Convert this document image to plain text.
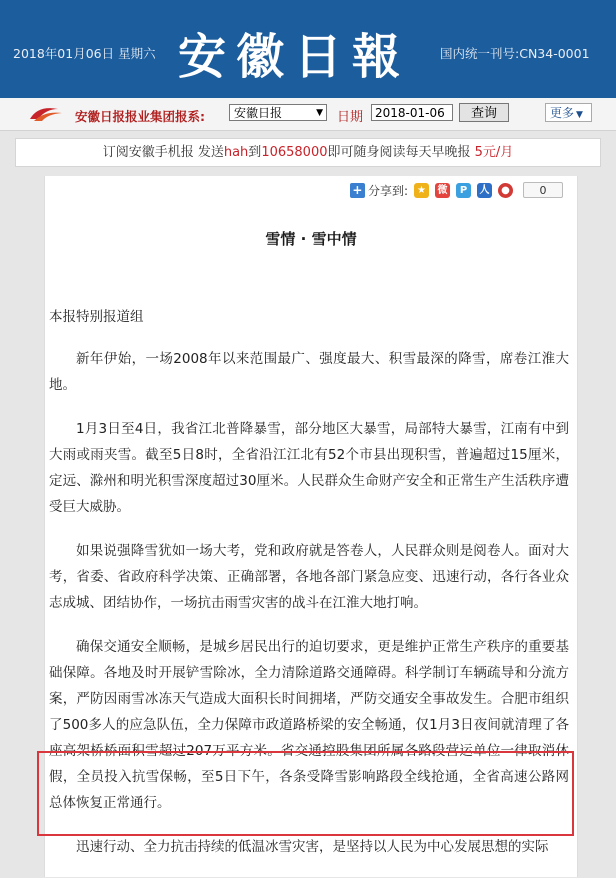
2018年01月06日 星期六 安徽日報 国内统一刊号:CN34-0001
安徽日报报业集团报系:	安徽日报	▼ 日期 2018-01-06	查询	更多 ▼
订阅安徽手机报 发送hah到10658000即可随身阅读每天早晚报 5元/月
+ 分享到: ★	微	P	人	●	0
雪情 · 雪中情

本报特别报道组

新年伊始，一场2008年以来范围最广、强度最大、积雪最深的降雪，席卷江淮大地。

1月3日至4日，我省江北普降暴雪，部分地区大暴雪，局部特大暴雪，江南有中到大雨或雨夹雪。截至5日8时，全省沿江江北有52个市县出现积雪，普遍超过15厘米，定远、滁州和明光积雪深度超过30厘米。人民群众生命财产安全和正常生产生活秩序遭受巨大威胁。

如果说强降雪犹如一场大考，党和政府就是答卷人，人民群众则是阅卷人。面对大考，省委、省政府科学决策、正确部署，各地各部门紧急应变、迅速行动，各行各业众志成城、团结协作，一场抗击雨雪灾害的战斗在江淮大地打响。

确保交通安全顺畅，是城乡居民出行的迫切要求，更是维护正常生产秩序的重要基础保障。各地及时开展铲雪除冰，全力清除道路交通障碍。科学制订车辆疏导和分流方案，严防因雨雪冰冻天气造成大面积长时间拥堵，严防交通安全事故发生。合肥市组织了500多人的应急队伍，全力保障市政道路桥梁的安全畅通，仅1月3日夜间就清理了各座高架桥桥面积雪超过207万平方米。省交通控股集团所属各路段营运单位一律取消休假，全员投入抗雪保畅，至5日下午，各条受降雪影响路段全线抢通，全省高速公路网总体恢复正常通行。

迅速行动、全力抗击持续的低温冰雪灾害，是坚持以人民为中心发展思想的实际
